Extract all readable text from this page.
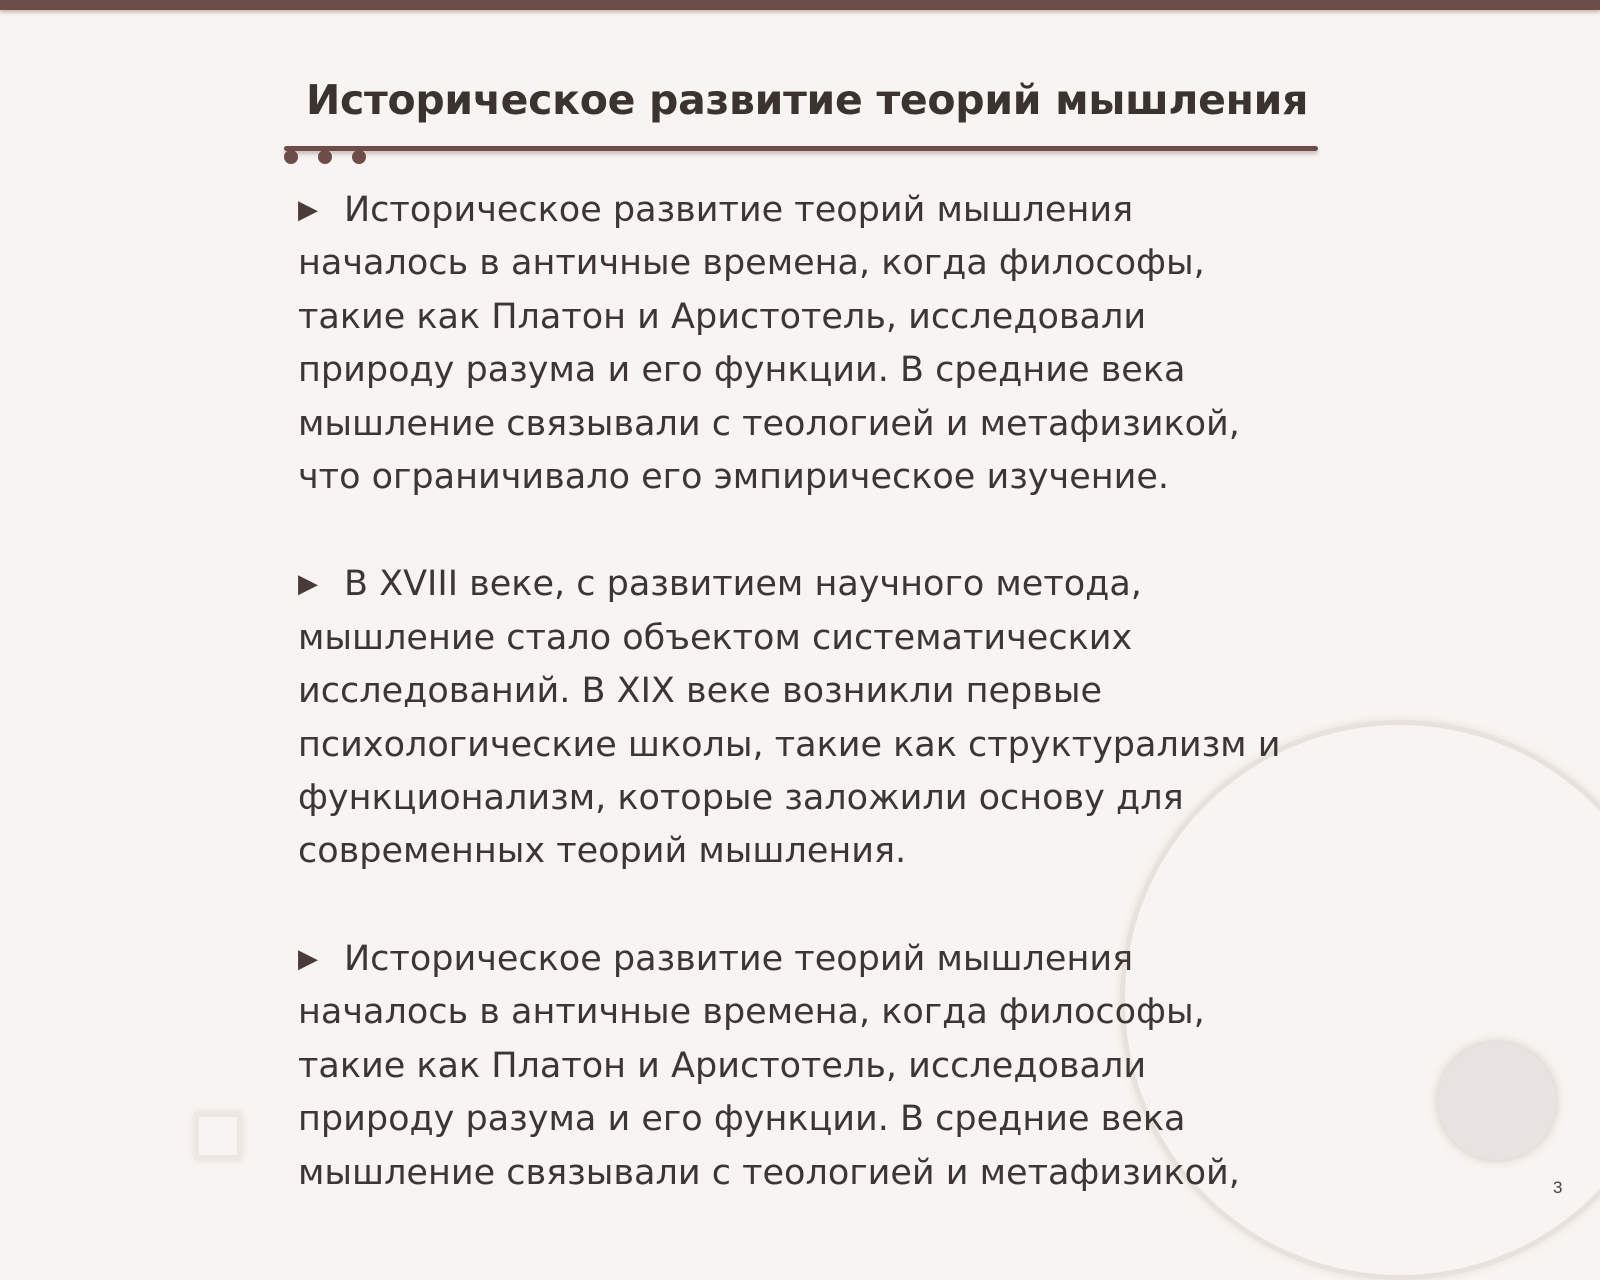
Историческое развитие теорий мышления

▶ Историческое развитие теорий мышления
началось в античные времена, когда философы,
такие как Платон и Аристотель, исследовали
природу разума и его функции. В средние века
мышление связывали с теологией и метафизикой,
что ограничивало его эмпирическое изучение.

▶ В XVIII веке, с развитием научного метода,
мышление стало объектом систематических
исследований. В XIX веке возникли первые
психологические школы, такие как структурализм и
функционализм, которые заложили основу для
современных теорий мышления.

▶ Историческое развитие теорий мышления
началось в античные времена, когда философы,
такие как Платон и Аристотель, исследовали
природу разума и его функции. В средние века
мышление связывали с теологией и метафизикой,	3
